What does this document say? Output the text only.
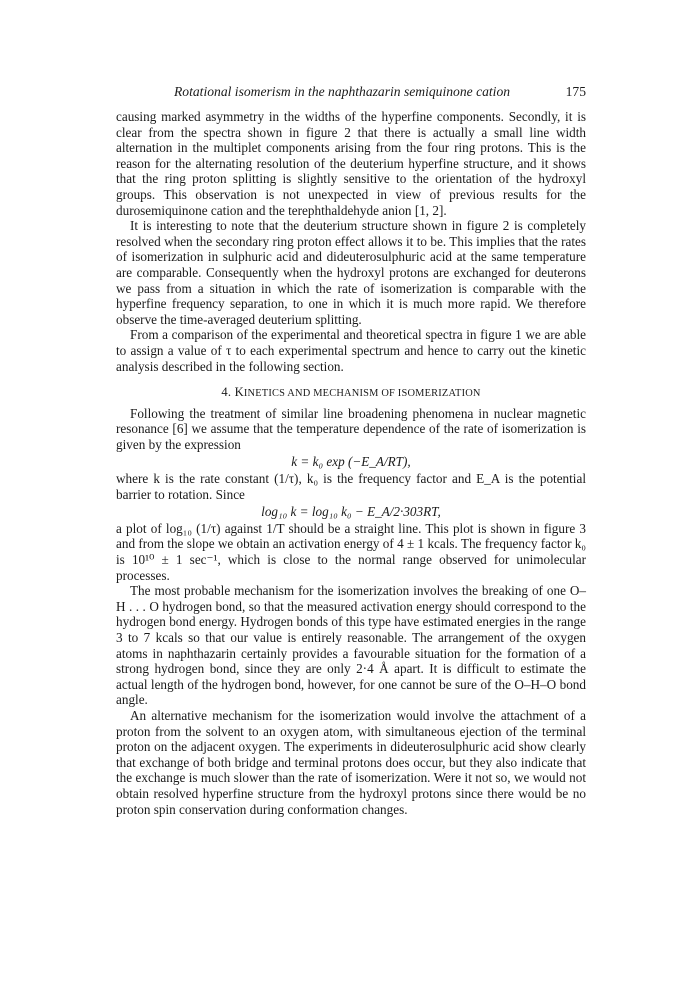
Rotational isomerism in the naphthazarin semiquinone cation	175

causing marked asymmetry in the widths of the hyperfine components. Secondly, it is clear from the spectra shown in figure 2 that there is actually a small line width alternation in the multiplet components arising from the four ring protons. This is the reason for the alternating resolution of the deuterium hyperfine structure, and it shows that the ring proton splitting is slightly sensitive to the orientation of the hydroxyl groups. This observation is not unexpected in view of previous results for the durosemiquinone cation and the terephthaldehyde anion [1, 2].

It is interesting to note that the deuterium structure shown in figure 2 is completely resolved when the secondary ring proton effect allows it to be. This implies that the rates of isomerization in sulphuric acid and dideuterosulphuric acid at the same temperature are comparable. Consequently when the hydroxyl protons are exchanged for deuterons we pass from a situation in which the rate of isomerization is comparable with the hyperfine frequency separation, to one in which it is much more rapid. We therefore observe the time-averaged deuterium splitting.

From a comparison of the experimental and theoretical spectra in figure 1 we are able to assign a value of τ to each experimental spectrum and hence to carry out the kinetic analysis described in the following section.

4. KINETICS AND MECHANISM OF ISOMERIZATION

Following the treatment of similar line broadening phenomena in nuclear magnetic resonance [6] we assume that the temperature dependence of the rate of isomerization is given by the expression

k = k₀ exp (−E_A/RT),

where k is the rate constant (1/τ), k₀ is the frequency factor and E_A is the potential barrier to rotation. Since

log₁₀ k = log₁₀ k₀ − E_A/2·303RT,

a plot of log₁₀ (1/τ) against 1/T should be a straight line. This plot is shown in figure 3 and from the slope we obtain an activation energy of 4 ± 1 kcals. The frequency factor k₀ is 10¹⁰ ± 1 sec⁻¹, which is close to the normal range observed for unimolecular processes.

The most probable mechanism for the isomerization involves the breaking of one O–H . . . O hydrogen bond, so that the measured activation energy should correspond to the hydrogen bond energy. Hydrogen bonds of this type have estimated energies in the range 3 to 7 kcals so that our value is entirely reasonable. The arrangement of the oxygen atoms in naphthazarin certainly provides a favourable situation for the formation of a strong hydrogen bond, since they are only 2·4 Å apart. It is difficult to estimate the actual length of the hydrogen bond, however, for one cannot be sure of the O–H–O bond angle.

An alternative mechanism for the isomerization would involve the attachment of a proton from the solvent to an oxygen atom, with simultaneous ejection of the terminal proton on the adjacent oxygen. The experiments in dideuterosulphuric acid show clearly that exchange of both bridge and terminal protons does occur, but they also indicate that the exchange is much slower than the rate of isomerization. Were it not so, we would not obtain resolved hyperfine structure from the hydroxyl protons since there would be no proton spin conservation during conformation changes.
